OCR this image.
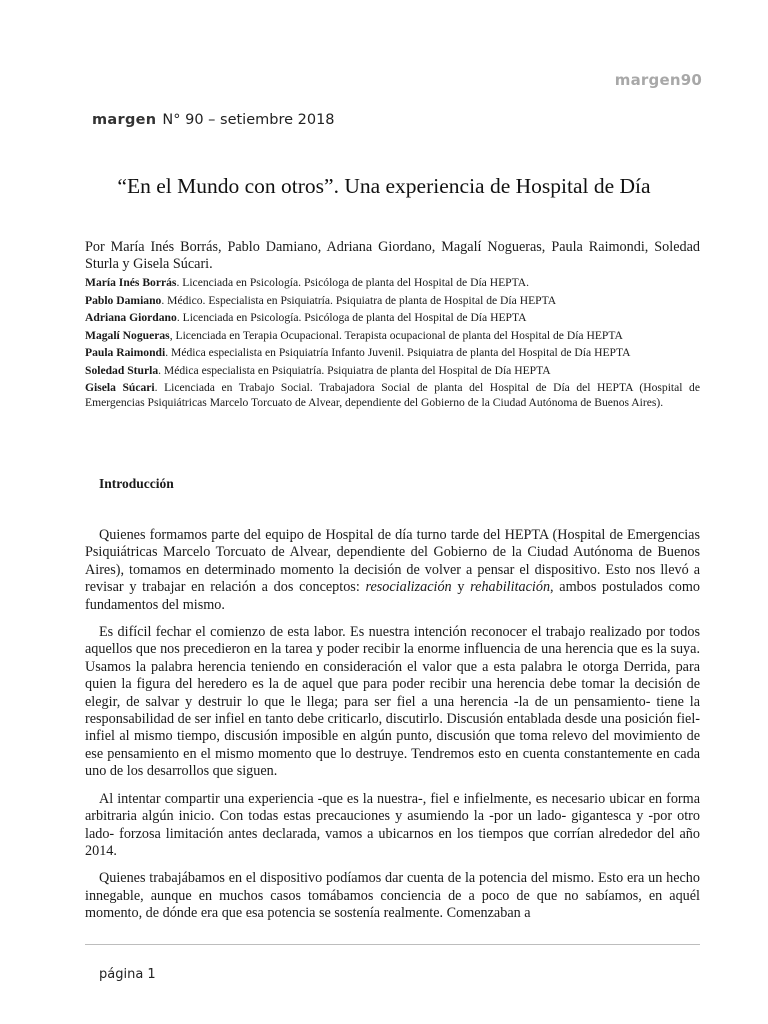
margen90
margen N° 90 – setiembre 2018
“En el Mundo con otros”. Una experiencia de Hospital de Día
Por María Inés Borrás, Pablo Damiano, Adriana Giordano, Magalí Nogueras, Paula Raimondi, Soledad Sturla y Gisela Súcari.

María Inés Borrás. Licenciada en Psicología. Psicóloga de planta del Hospital de Día HEPTA.

Pablo Damiano. Médico. Especialista en Psiquiatría. Psiquiatra de planta de Hospital de Día HEPTA

Adriana Giordano. Licenciada en Psicología. Psicóloga de planta del Hospital de Día HEPTA

Magalí Nogueras, Licenciada en Terapia Ocupacional. Terapista ocupacional de planta del Hospital de Día HEPTA

Paula Raimondi. Médica especialista en Psiquiatría Infanto Juvenil. Psiquiatra de planta del Hospital de Día HEPTA

Soledad Sturla. Médica especialista en Psiquiatría. Psiquiatra de planta del Hospital de Día HEPTA

Gisela Súcari. Licenciada en Trabajo Social. Trabajadora Social de planta del Hospital de Día del HEPTA (Hospital de Emergencias Psiquiátricas Marcelo Torcuato de Alvear, dependiente del Gobierno de la Ciudad Autónoma de Buenos Aires).

Introducción

Quienes formamos parte del equipo de Hospital de día turno tarde del HEPTA (Hospital de Emergencias Psiquiátricas Marcelo Torcuato de Alvear, dependiente del Gobierno de la Ciudad Autónoma de Buenos Aires), tomamos en determinado momento la decisión de volver a pensar el dispositivo. Esto nos llevó a revisar y trabajar en relación a dos conceptos: resocialización y rehabilitación, ambos postulados como fundamentos del mismo.

Es difícil fechar el comienzo de esta labor. Es nuestra intención reconocer el trabajo realizado por todos aquellos que nos precedieron en la tarea y poder recibir la enorme influencia de una herencia que es la suya. Usamos la palabra herencia teniendo en consideración el valor que a esta palabra le otorga Derrida, para quien la figura del heredero es la de aquel que para poder recibir una herencia debe tomar la decisión de elegir, de salvar y destruir lo que le llega; para ser fiel a una herencia -la de un pensamiento- tiene la responsabilidad de ser infiel en tanto debe criticarlo, discutirlo. Discusión entablada desde una posición fiel-infiel al mismo tiempo, discusión imposible en algún punto, discusión que toma relevo del movimiento de ese pensamiento en el mismo momento que lo destruye. Tendremos esto en cuenta constantemente en cada uno de los desarrollos que siguen.

Al intentar compartir una experiencia -que es la nuestra-, fiel e infielmente, es necesario ubicar en forma arbitraria algún inicio. Con todas estas precauciones y asumiendo la -por un lado- gigantesca y -por otro lado- forzosa limitación antes declarada, vamos a ubicarnos en los tiempos que corrían alrededor del año 2014.

Quienes trabajábamos en el dispositivo podíamos dar cuenta de la potencia del mismo. Esto era un hecho innegable, aunque en muchos casos tomábamos conciencia de a poco de que no sabíamos, en aquél momento, de dónde era que esa potencia se sostenía realmente. Comenzaban a

página 1
